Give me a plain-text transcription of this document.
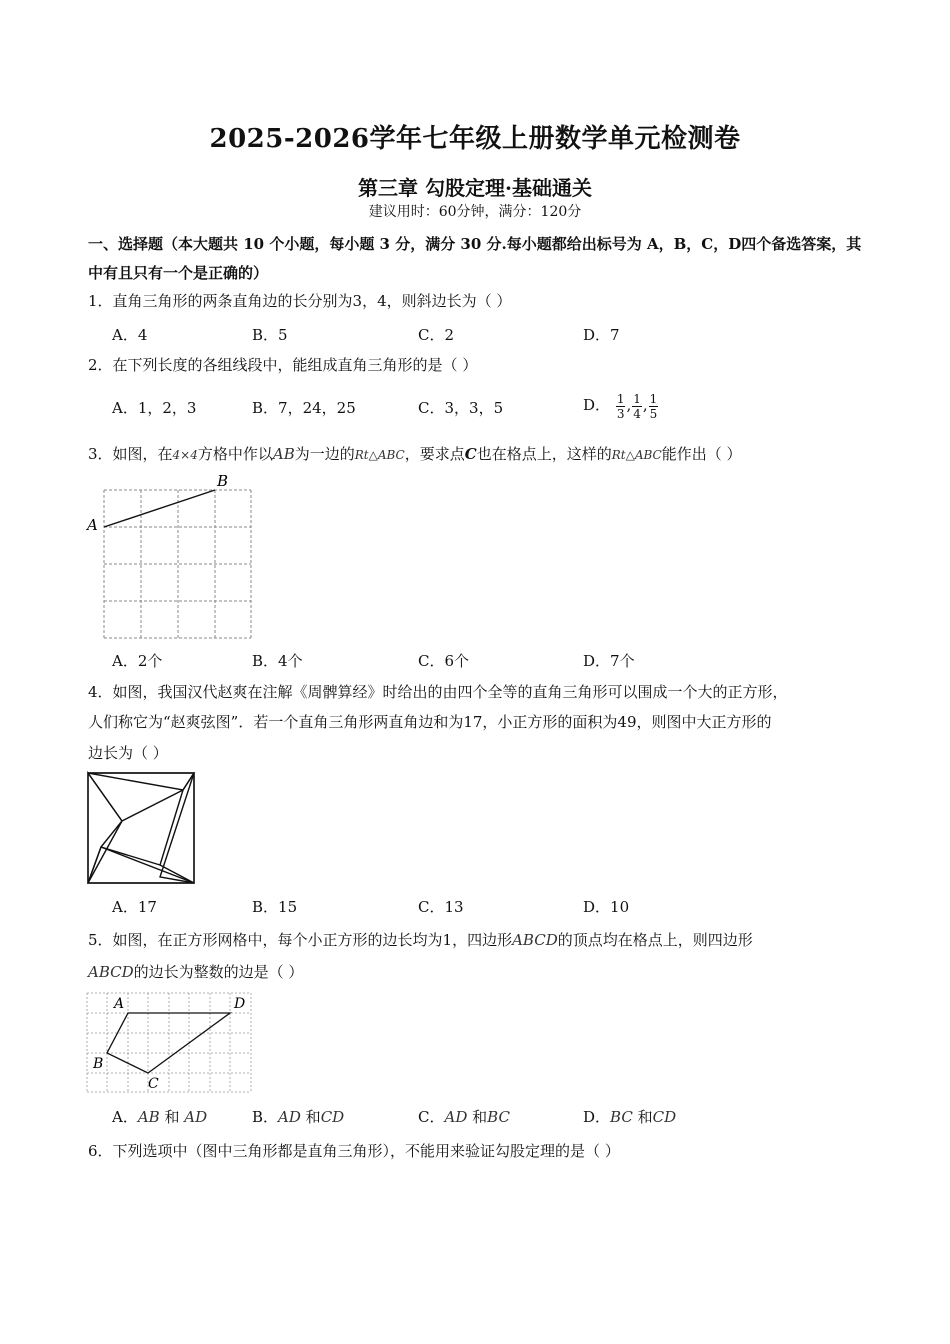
2025-2026学年七年级上册数学单元检测卷
第三章 勾股定理·基础通关
建议用时：60分钟，满分：120分
一、选择题（本大题共 10 个小题，每小题 3 分，满分 30 分.每小题都给出标号为 A，B，C，D四个备选答案，其中有且只有一个是正确的）
1．直角三角形的两条直角边的长分别为3，4，则斜边长为（ ）
A．4	B．5	C．2	D．7
2．在下列长度的各组线段中，能组成直角三角形的是（ ）
A．1，2，3	B．7，24，25	C．3，3，5	D． $\frac{1}{3}$ , $\frac{1}{4}$ , $\frac{1}{5}$
3．如图，在4×4方格中作以AB为一边的Rt△ABC，要求点C也在格点上，这样的Rt△ABC能作出（ ）
A
B
A．2个	B．4个	C．6个	D．7个
4．如图，我国汉代赵爽在注解《周髀算经》时给出的由四个全等的直角三角形可以围成一个大的正方形，
人们称它为“赵爽弦图”．若一个直角三角形两直角边和为17，小正方形的面积为49，则图中大正方形的
边长为（ ）
A．17	B．15	C．13	D．10
5．如图，在正方形网格中，每个小正方形的边长均为1，四边形ABCD的顶点均在格点上，则四边形
ABCD的边长为整数的边是（ ）
A	D
B
C
A．AB 和 AD	B．AD 和CD	C．AD 和BC	D．BC 和CD
6．下列选项中（图中三角形都是直角三角形），不能用来验证勾股定理的是（ ）
